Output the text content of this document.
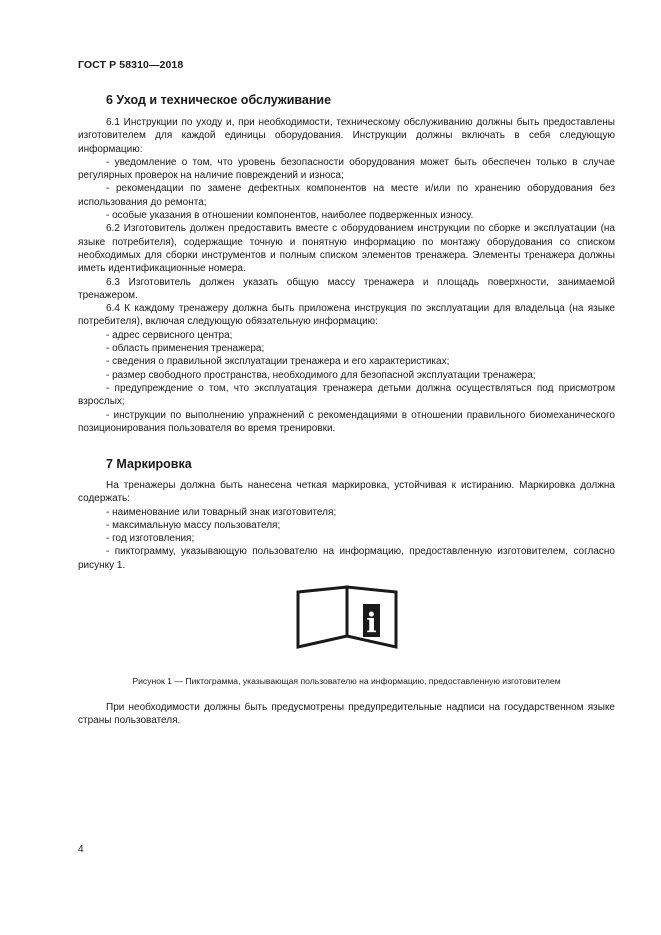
ГОСТ Р 58310—2018
6 Уход и техническое обслуживание

6.1 Инструкции по уходу и, при необходимости, техническому обслуживанию должны быть предоставлены изготовителем для каждой единицы оборудования. Инструкции должны включать в себя следующую информацию:

- уведомление о том, что уровень безопасности оборудования может быть обеспечен только в случае регулярных проверок на наличие повреждений и износа;

- рекомендации по замене дефектных компонентов на месте и/или по хранению оборудования без использования до ремонта;

- особые указания в отношении компонентов, наиболее подверженных износу.

6.2 Изготовитель должен предоставить вместе с оборудованием инструкции по сборке и эксплуатации (на языке потребителя), содержащие точную и понятную информацию по монтажу оборудования со списком необходимых для сборки инструментов и полным списком элементов тренажера. Элементы тренажера должны иметь идентификационные номера.

6.3 Изготовитель должен указать общую массу тренажера и площадь поверхности, занимаемой тренажером.

6.4 К каждому тренажеру должна быть приложена инструкция по эксплуатации для владельца (на языке потребителя), включая следующую обязательную информацию:

- адрес сервисного центра;

- область применения тренажера;

- сведения о правильной эксплуатации тренажера и его характеристиках;

- размер свободного пространства, необходимого для безопасной эксплуатации тренажера;

- предупреждение о том, что эксплуатация тренажера детьми должна осуществляться под присмотром взрослых;

- инструкции по выполнению упражнений с рекомендациями в отношении правильного биомеханического позиционирования пользователя во время тренировки.

7 Маркировка

На тренажеры должна быть нанесена четкая маркировка, устойчивая к истиранию. Маркировка должна содержать:

- наименование или товарный знак изготовителя;

- максимальную массу пользователя;

- год изготовления;

- пиктограмму, указывающую пользователю на информацию, предоставленную изготовителем, согласно рисунку 1.

i
Рисунок 1 — Пиктограмма, указывающая пользователю на информацию, предоставленную изготовителем

При необходимости должны быть предусмотрены предупредительные надписи на государственном языке страны пользователя.

4
